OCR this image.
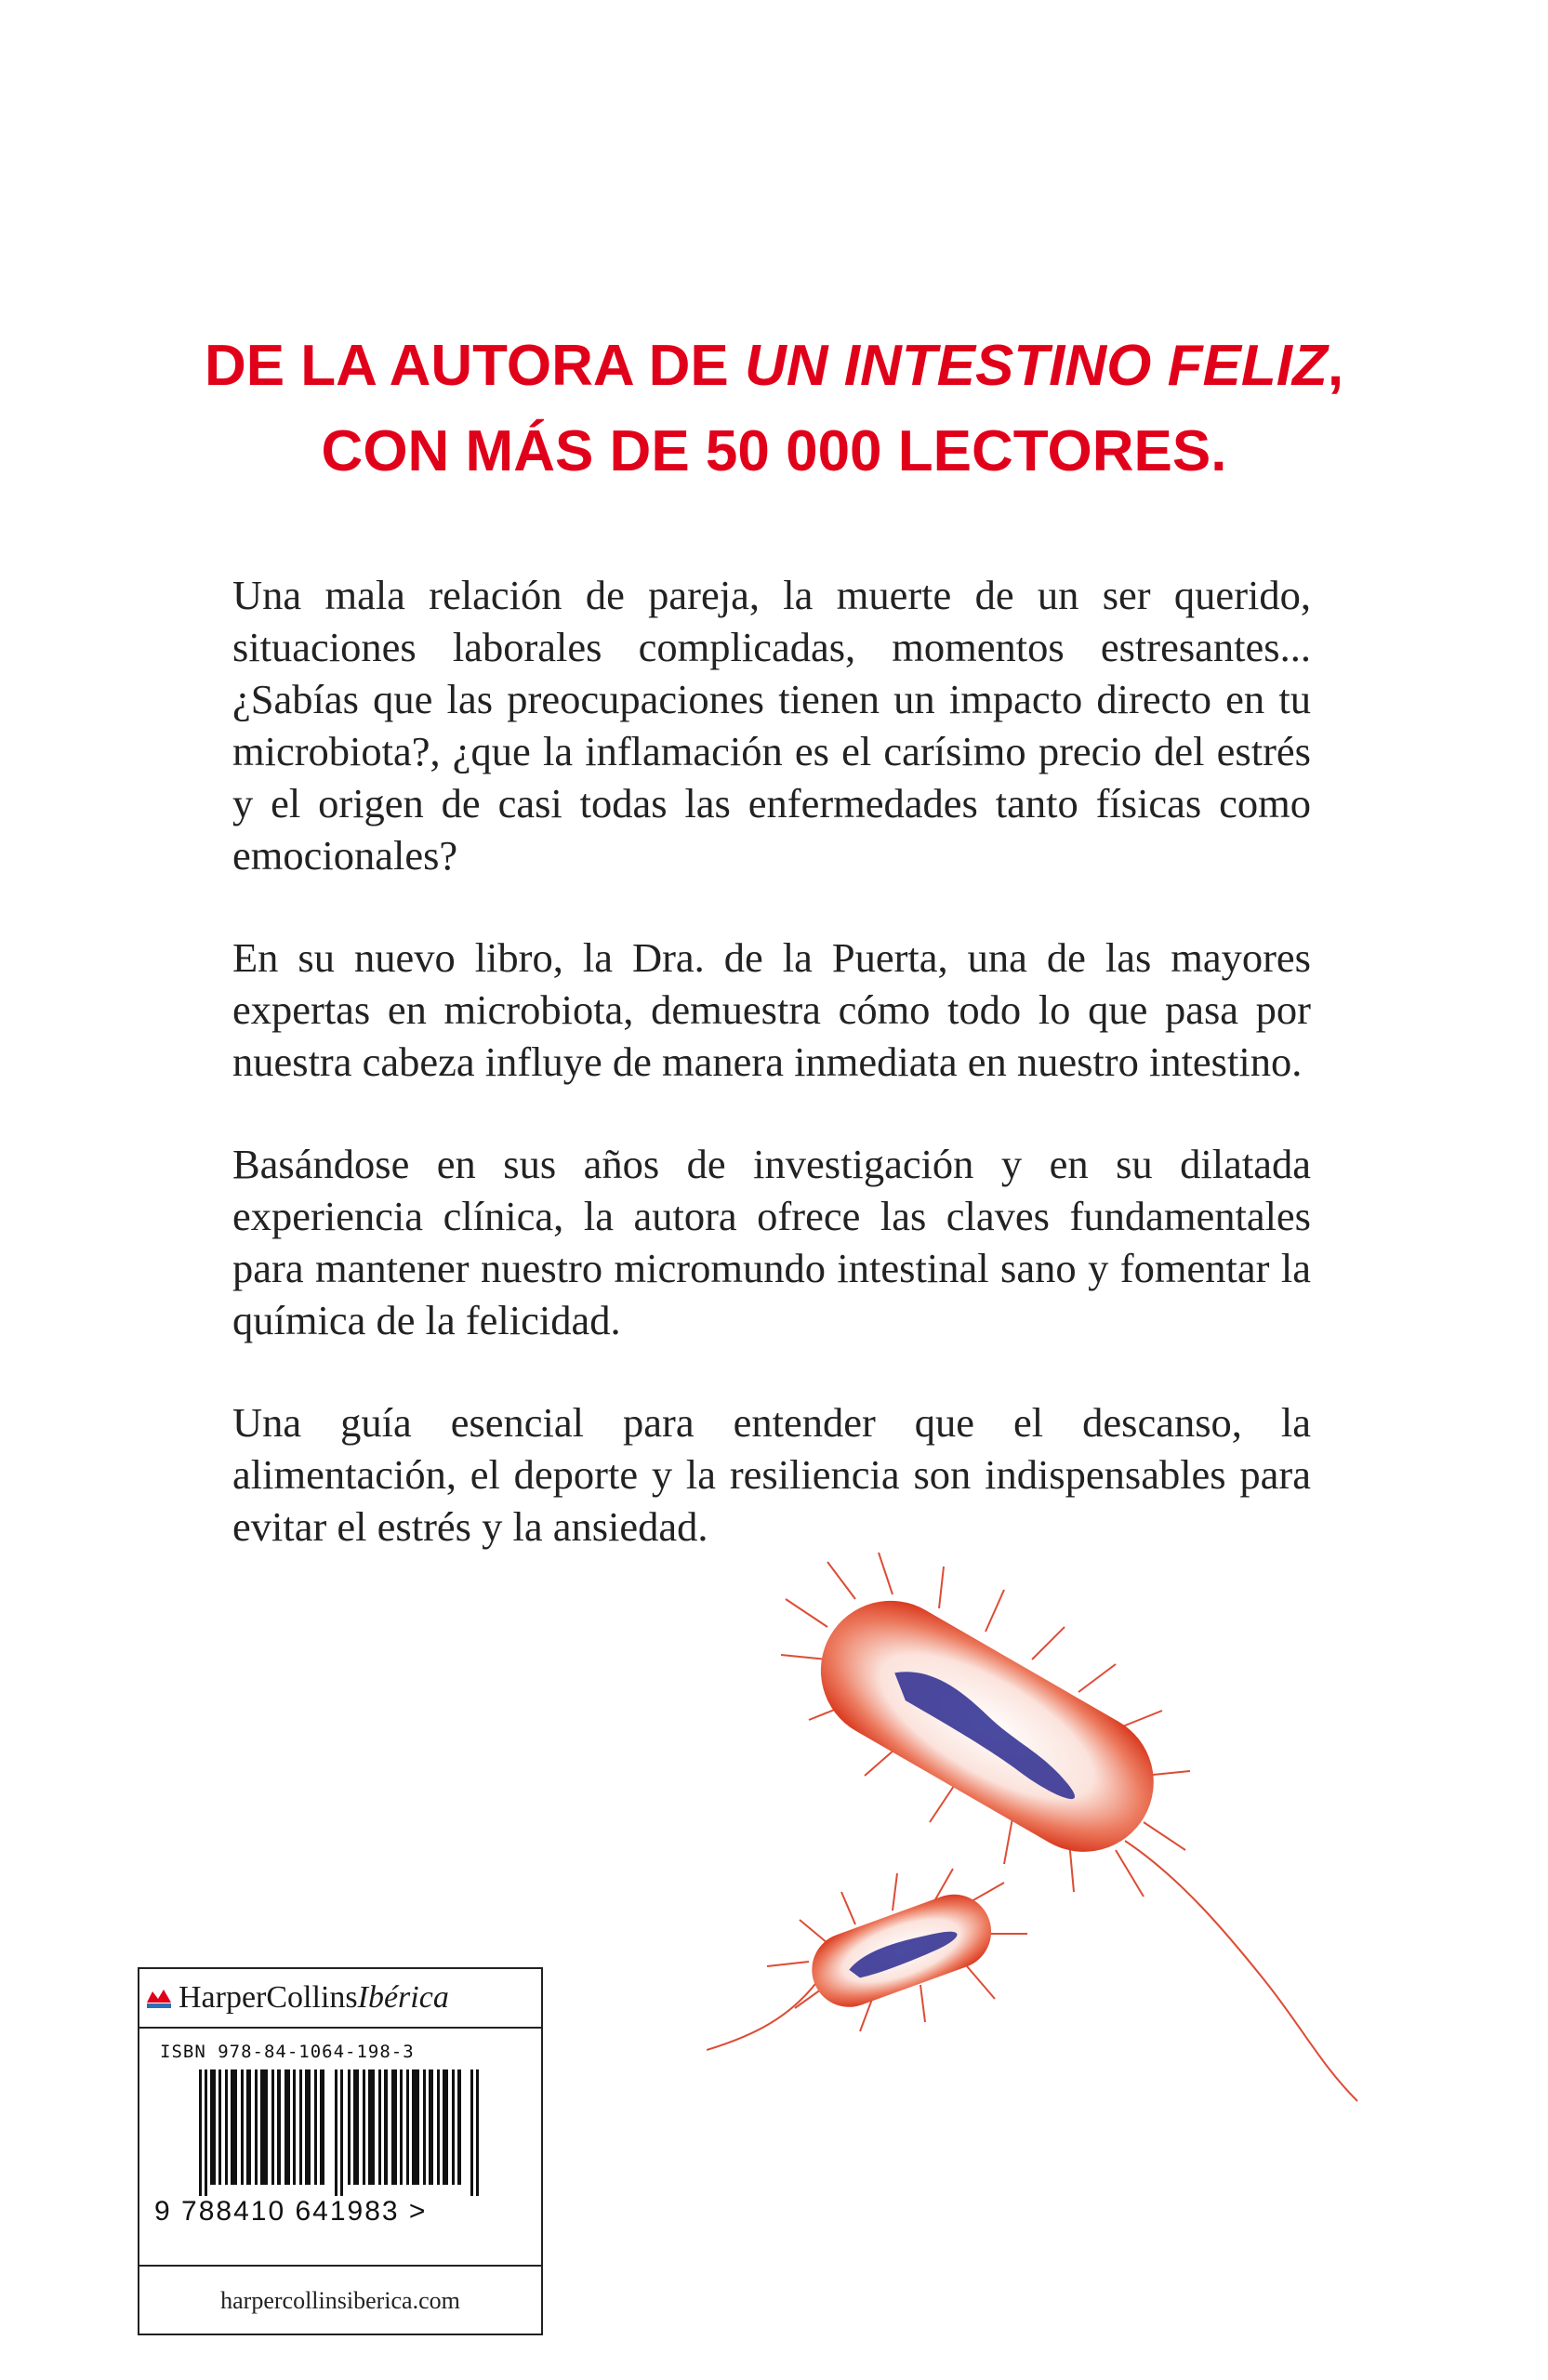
DE LA AUTORA DE UN INTESTINO FELIZ,
CON MÁS DE 50 000 LECTORES.

Una mala relación de pareja, la muerte de un ser querido, situaciones laborales complicadas, momentos estresantes... ¿Sabías que las preocupaciones tienen un impacto directo en tu microbiota?, ¿que la inflamación es el carísimo precio del estrés y el origen de casi todas las enfermedades tanto físicas como emocionales?

En su nuevo libro, la Dra. de la Puerta, una de las mayores expertas en microbiota, demuestra cómo todo lo que pasa por nuestra cabeza influye de manera inmediata en nuestro intestino.

Basándose en sus años de investigación y en su dilatada experiencia clínica, la autora ofrece las claves fundamentales para mantener nuestro micromundo intestinal sano y fomentar la química de la felicidad.

Una guía esencial para entender que el descanso, la alimentación, el deporte y la resiliencia son indispensables para evitar el estrés y la ansiedad.

HarperCollinsIbérica
ISBN 978-84-1064-198-3
9 788410 641983 >
harpercollinsiberica.com
